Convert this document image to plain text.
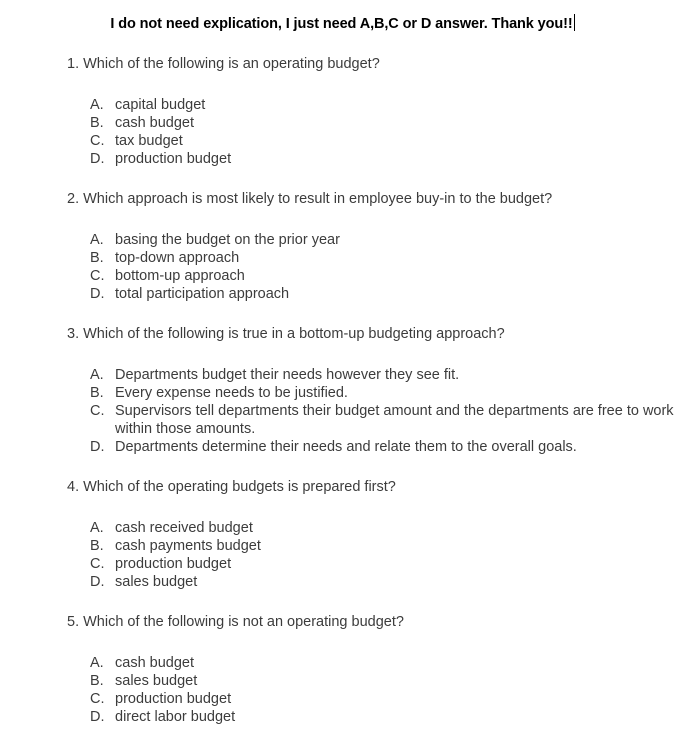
I do not need explication, I just need A,B,C or D answer. Thank you!!
1. Which of the following is an operating budget?
A. capital budget
B. cash budget
C. tax budget
D. production budget
2. Which approach is most likely to result in employee buy-in to the budget?
A. basing the budget on the prior year
B. top-down approach
C. bottom-up approach
D. total participation approach
3. Which of the following is true in a bottom-up budgeting approach?
A. Departments budget their needs however they see fit.
B. Every expense needs to be justified.
C. Supervisors tell departments their budget amount and the departments are free to work within those amounts.
D. Departments determine their needs and relate them to the overall goals.
4. Which of the operating budgets is prepared first?
A. cash received budget
B. cash payments budget
C. production budget
D. sales budget
5. Which of the following is not an operating budget?
A. cash budget
B. sales budget
C. production budget
D. direct labor budget
